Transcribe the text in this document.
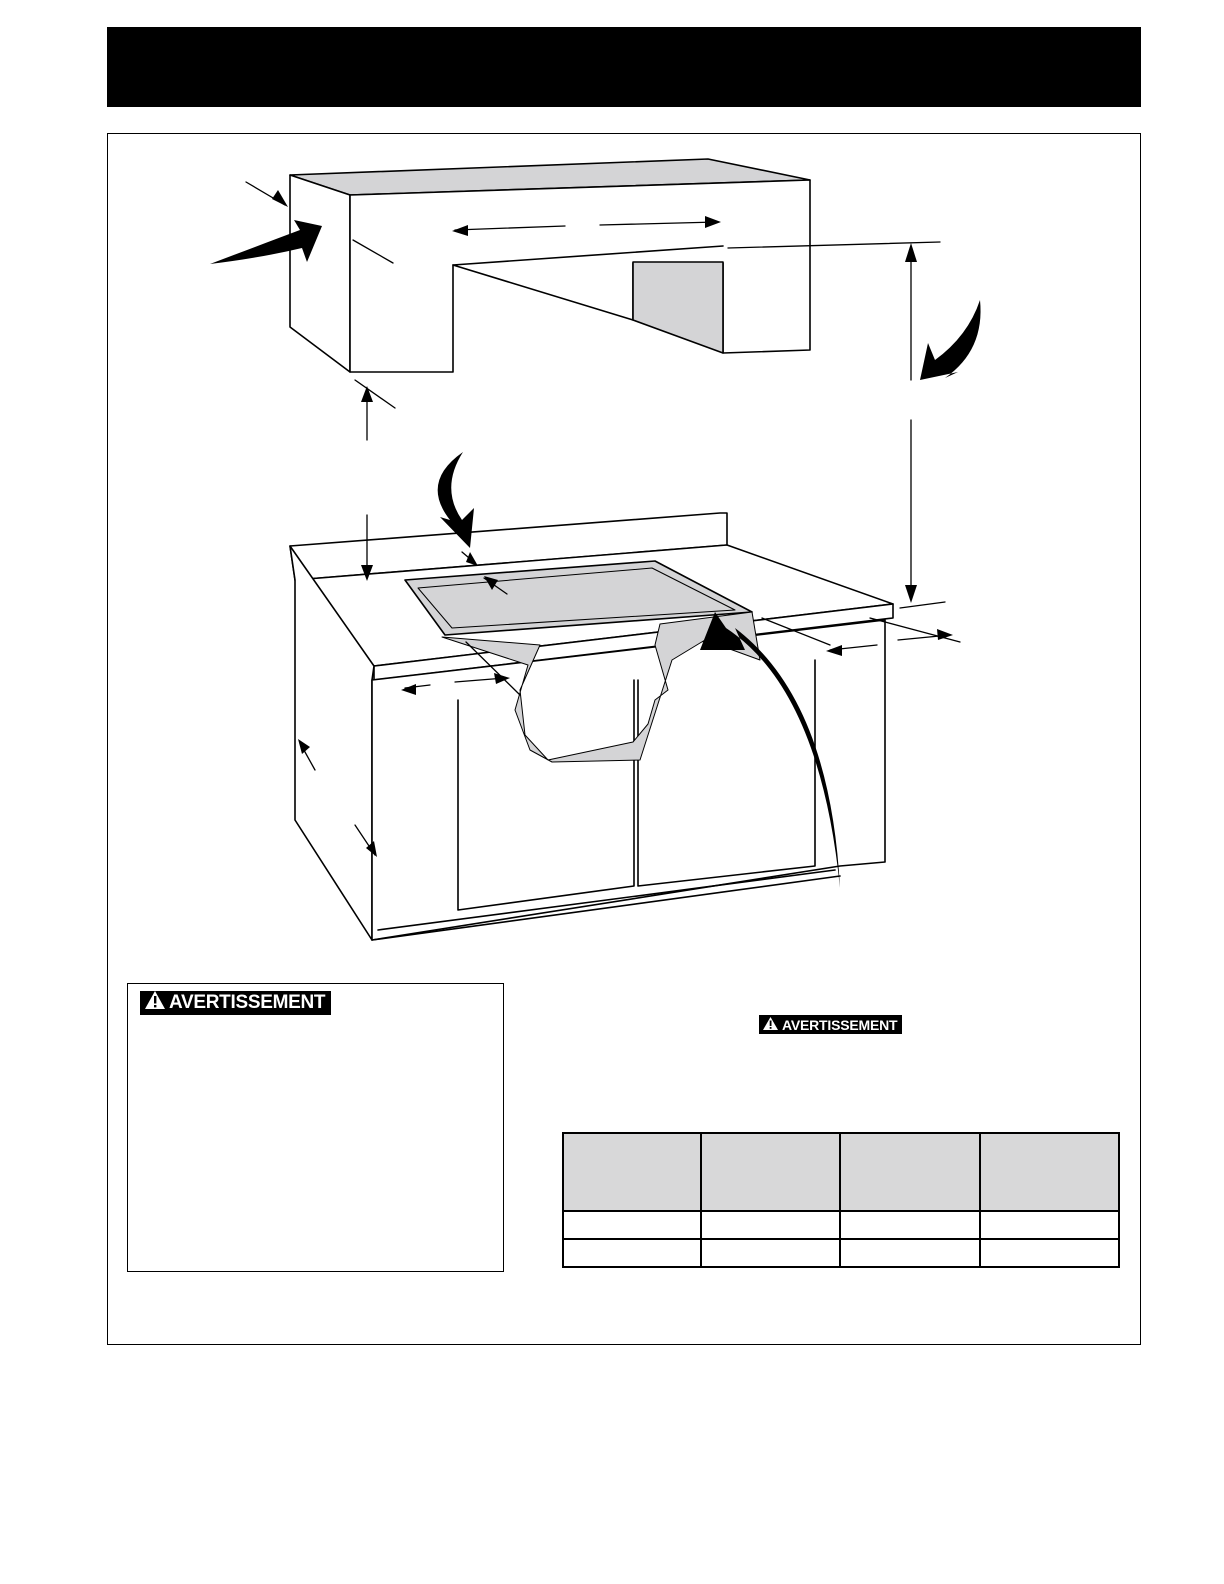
AVERTISSEMENT
AVERTISSEMENT
